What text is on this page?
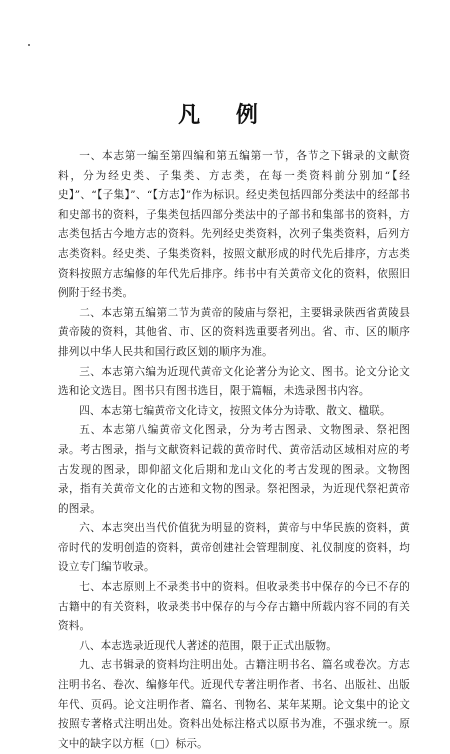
凡 例

一、本志第一编至第四编和第五编第一节，各节之下辑录的文献资料，分为经史类、子集类、方志类，在每一类资料前分别加“【经史】”、“【子集】”、“【方志】”作为标识。经史类包括四部分类法中的经部书和史部书的资料，子集类包括四部分类法中的子部书和集部书的资料，方志类包括古今地方志的资料。先列经史类资料，次列子集类资料，后列方志类资料。经史类、子集类资料，按照文献形成的时代先后排序，方志类资料按照方志编修的年代先后排序。纬书中有关黄帝文化的资料，依照旧例附于经书类。

二、本志第五编第二节为黄帝的陵庙与祭祀，主要辑录陕西省黄陵县黄帝陵的资料，其他省、市、区的资料选重要者列出。省、市、区的顺序排列以中华人民共和国行政区划的顺序为准。

三、本志第六编为近现代黄帝文化论著分为论文、图书。论文分论文选和论文选目。图书只有图书选目，限于篇幅，未选录图书内容。

四、本志第七编黄帝文化诗文，按照文体分为诗歌、散文、楹联。

五、本志第八编黄帝文化图录，分为考古图录、文物图录、祭祀图录。考古图录，指与文献资料记载的黄帝时代、黄帝活动区域相对应的考古发现的图录，即仰韶文化后期和龙山文化的考古发现的图录。文物图录，指有关黄帝文化的古迹和文物的图录。祭祀图录，为近现代祭祀黄帝的图录。

六、本志突出当代价值犹为明显的资料，黄帝与中华民族的资料，黄帝时代的发明创造的资料，黄帝创建社会管理制度、礼仪制度的资料，均设立专门编节收录。

七、本志原则上不录类书中的资料。但收录类书中保存的今已不存的古籍中的有关资料，收录类书中保存的与今存古籍中所载内容不同的有关资料。

八、本志选录近现代人著述的范围，限于正式出版物。

九、志书辑录的资料均注明出处。古籍注明书名、篇名或卷次。方志注明书名、卷次、编修年代。近现代专著注明作者、书名、出版社、出版年代、页码。论文注明作者、篇名、刊物名、某年某期。论文集中的论文按照专著格式注明出处。资料出处标注格式以原书为准，不强求统一。原文中的缺字以方框（□）标示。
